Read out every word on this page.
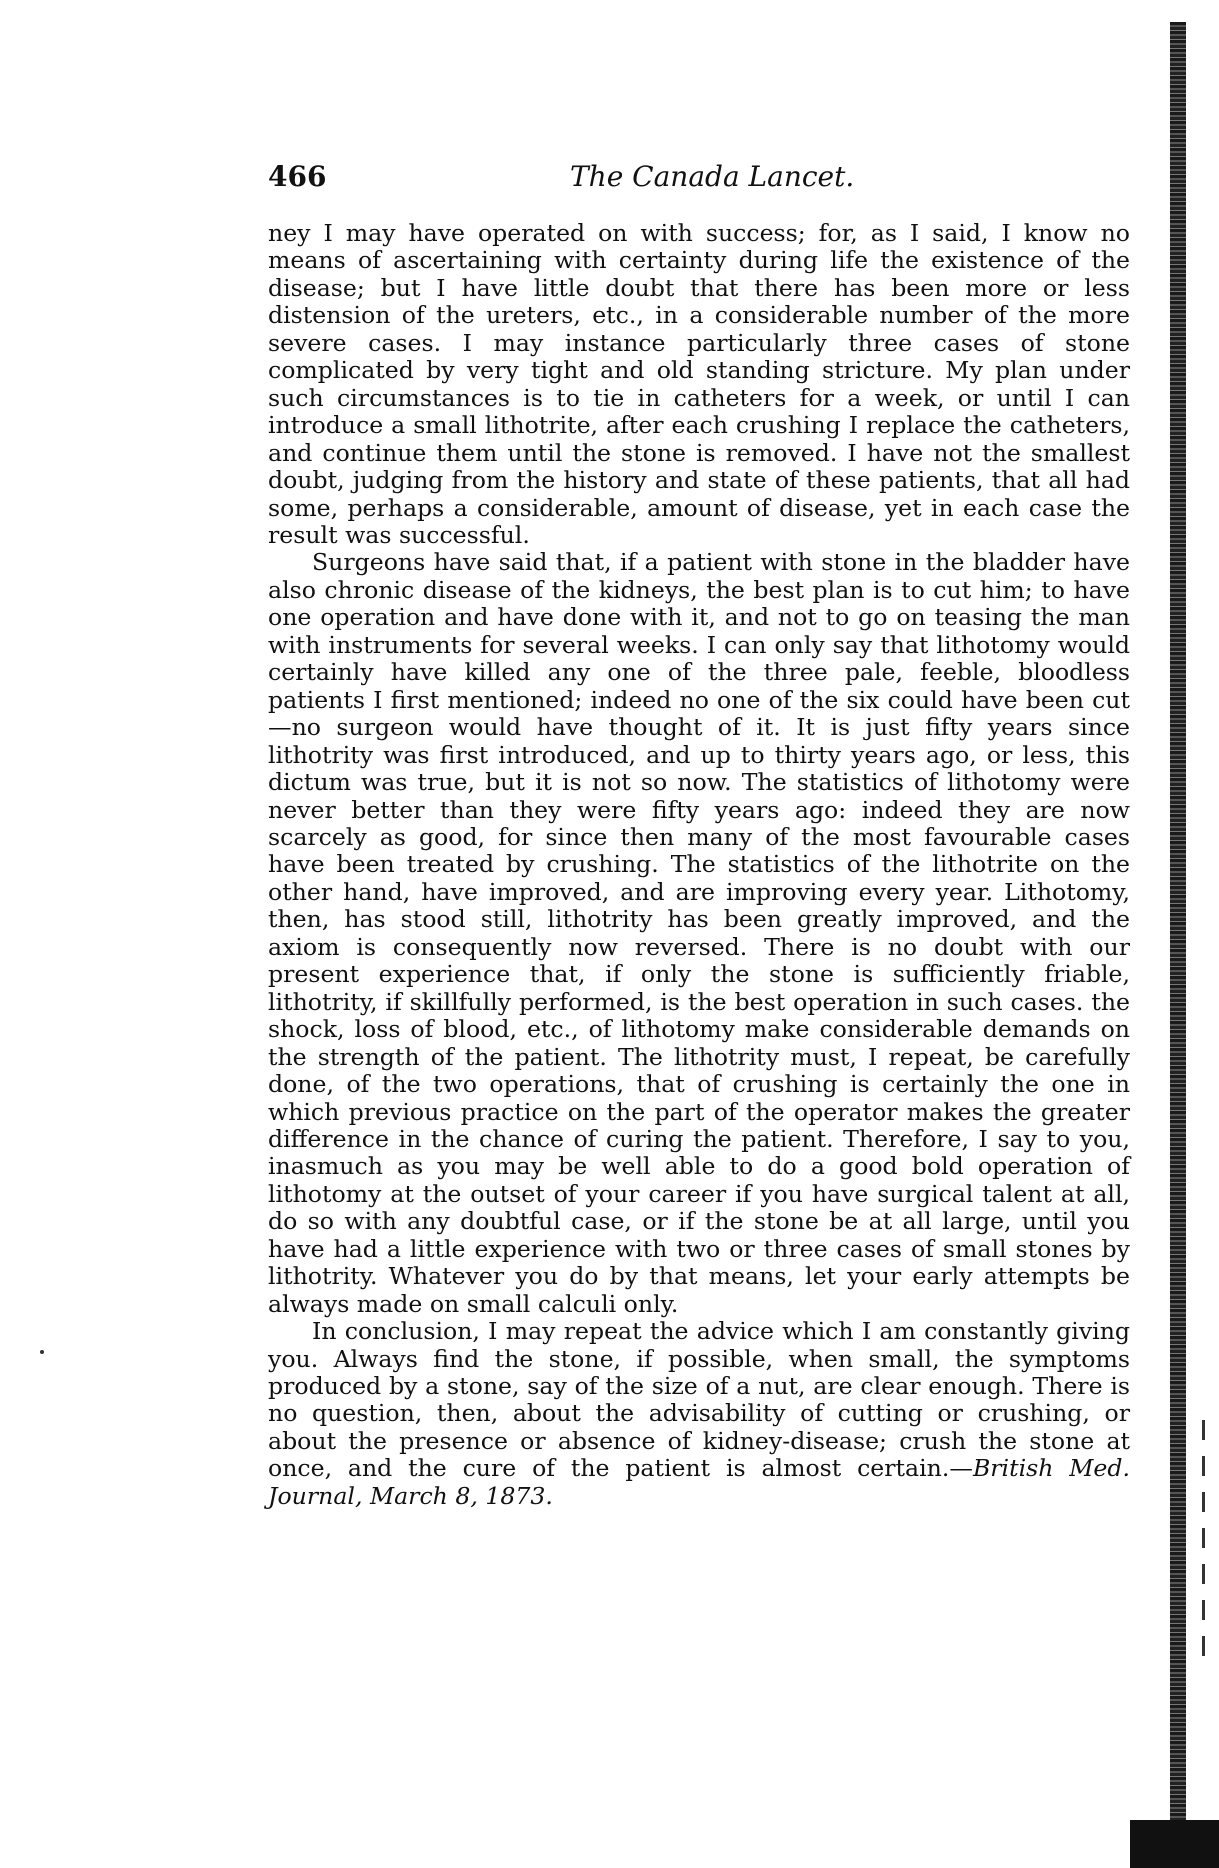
466	The Canada Lancet.

ney I may have operated on with success; for, as I said, I know no means of ascertaining with certainty during life the existence of the disease; but I have little doubt that there has been more or less distension of the ureters, etc., in a considerable number of the more severe cases. I may instance particularly three cases of stone complicated by very tight and old standing stricture. My plan under such circumstances is to tie in catheters for a week, or until I can introduce a small lithotrite, after each crushing I replace the catheters, and continue them until the stone is removed. I have not the smallest doubt, judging from the history and state of these patients, that all had some, perhaps a considerable, amount of disease, yet in each case the result was successful.

Surgeons have said that, if a patient with stone in the bladder have also chronic disease of the kidneys, the best plan is to cut him; to have one operation and have done with it, and not to go on teasing the man with instruments for several weeks. I can only say that lithotomy would certainly have killed any one of the three pale, feeble, bloodless patients I first mentioned; indeed no one of the six could have been cut—no surgeon would have thought of it. It is just fifty years since lithotrity was first introduced, and up to thirty years ago, or less, this dictum was true, but it is not so now. The statistics of lithotomy were never better than they were fifty years ago: indeed they are now scarcely as good, for since then many of the most favourable cases have been treated by crushing. The statistics of the lithotrite on the other hand, have improved, and are improving every year. Lithotomy, then, has stood still, lithotrity has been greatly improved, and the axiom is consequently now reversed. There is no doubt with our present experience that, if only the stone is sufficiently friable, lithotrity, if skillfully performed, is the best operation in such cases. the shock, loss of blood, etc., of lithotomy make considerable demands on the strength of the patient. The lithotrity must, I repeat, be carefully done, of the two operations, that of crushing is certainly the one in which previous practice on the part of the operator makes the greater difference in the chance of curing the patient. Therefore, I say to you, inasmuch as you may be well able to do a good bold operation of lithotomy at the outset of your career if you have surgical talent at all, do so with any doubtful case, or if the stone be at all large, until you have had a little experience with two or three cases of small stones by lithotrity. Whatever you do by that means, let your early attempts be always made on small calculi only.

In conclusion, I may repeat the advice which I am constantly giving you. Always find the stone, if possible, when small, the symptoms produced by a stone, say of the size of a nut, are clear enough. There is no question, then, about the advisability of cutting or crushing, or about the presence or absence of kidney-disease; crush the stone at once, and the cure of the patient is almost certain.—British Med. Journal, March 8, 1873.
